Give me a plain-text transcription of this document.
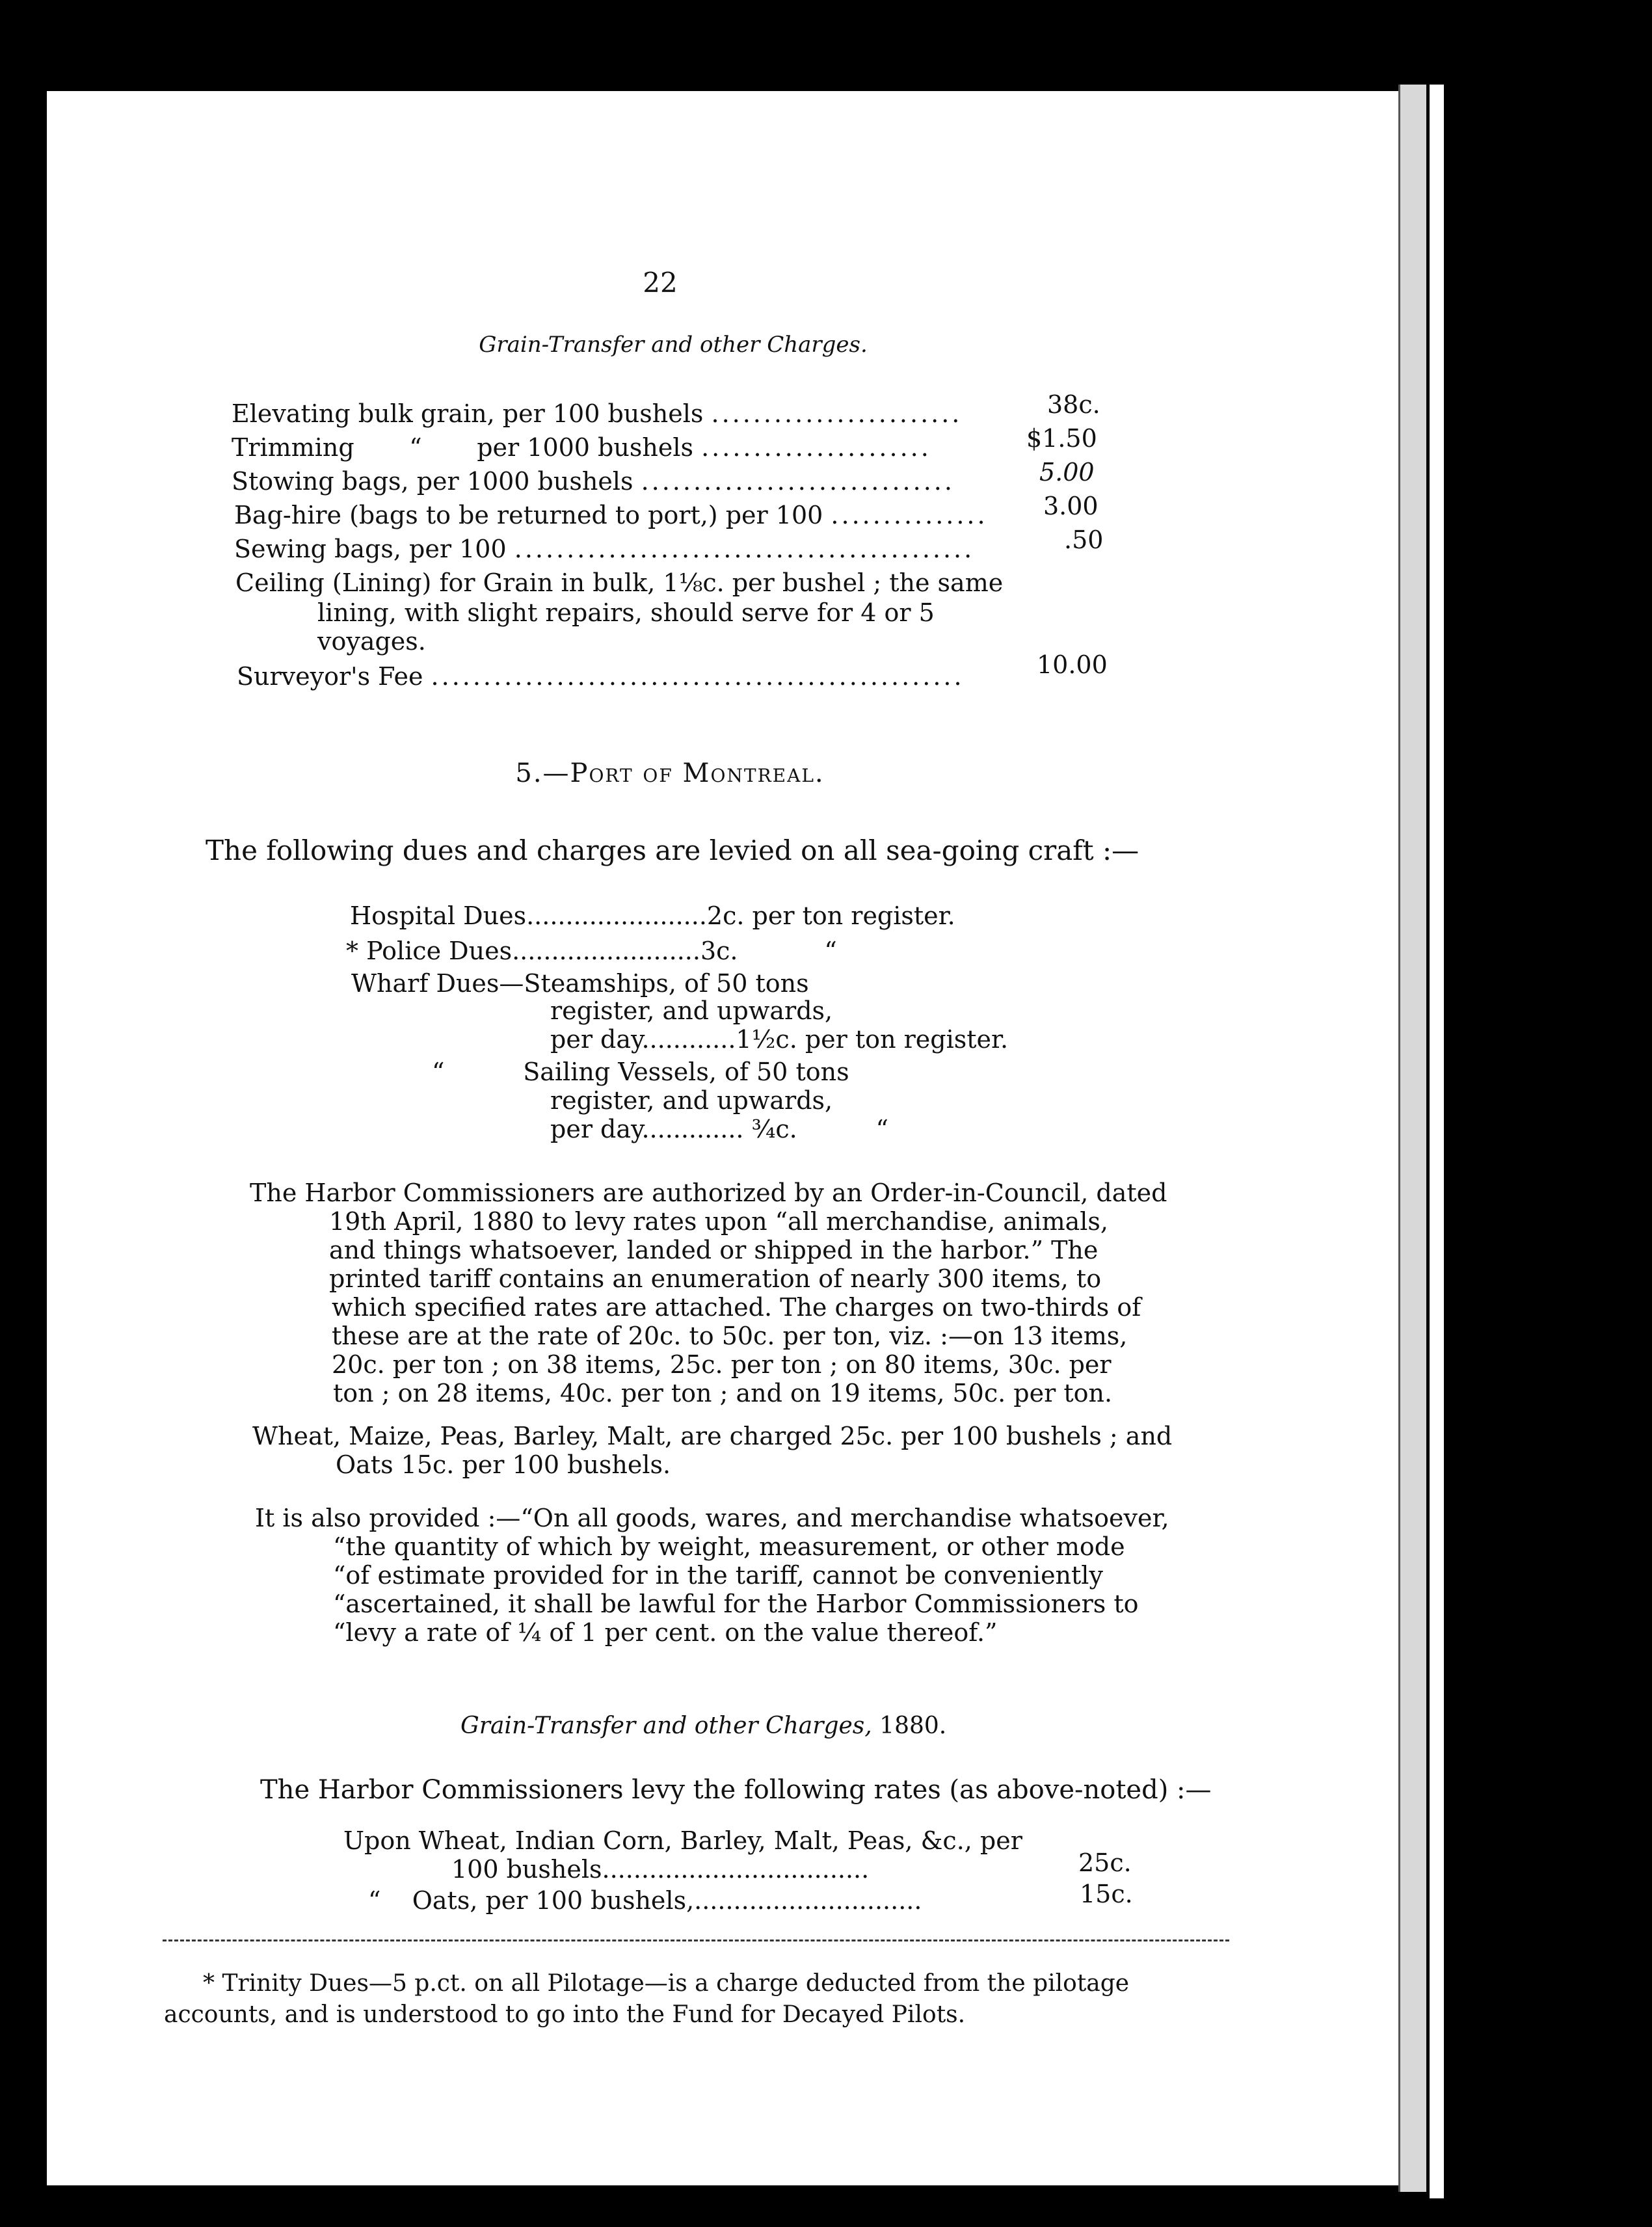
22
Grain-Transfer and other Charges.
Elevating bulk grain, per 100 bushels ........................	38c.
Trimming       “       per 1000 bushels ......................	$1.50
Stowing bags, per 1000 bushels ..............................	5.00
Bag-hire (bags to be returned to port,) per 100 ............... 3.00
Sewing bags, per 100 ............................................	.50
Ceiling (Lining) for Grain in bulk, 1⅛c. per bushel ; the same
lining, with slight repairs, should serve for 4 or 5
voyages.
Surveyor's Fee ...................................................	10.00
5.—Port of Montreal.
The following dues and charges are levied on all sea-going craft :—
Hospital Dues.......................2c. per ton register.
* Police Dues........................3c.           “
Wharf Dues—Steamships, of 50 tons
register, and upwards,
per day............1½c. per ton register.
“          Sailing Vessels, of 50 tons
register, and upwards,
per day............. ¾c.          “
The Harbor Commissioners are authorized by an Order-in-Council, dated
19th April, 1880 to levy rates upon “all merchandise, animals,
and things whatsoever, landed or shipped in the harbor.” The
printed tariff contains an enumeration of nearly 300 items, to
which specified rates are attached. The charges on two-thirds of
these are at the rate of 20c. to 50c. per ton, viz. :—on 13 items,
20c. per ton ; on 38 items, 25c. per ton ; on 80 items, 30c. per
ton ; on 28 items, 40c. per ton ; and on 19 items, 50c. per ton.
Wheat, Maize, Peas, Barley, Malt, are charged 25c. per 100 bushels ; and
Oats 15c. per 100 bushels.
It is also provided :—“On all goods, wares, and merchandise whatsoever,
“the quantity of which by weight, measurement, or other mode
“of estimate provided for in the tariff, cannot be conveniently
“ascertained, it shall be lawful for the Harbor Commissioners to
“levy a rate of ¼ of 1 per cent. on the value thereof.”
Grain-Transfer and other Charges, 1880.
The Harbor Commissioners levy the following rates (as above-noted) :—
Upon Wheat, Indian Corn, Barley, Malt, Peas, &c., per
100 bushels..................................	25c.
“    Oats, per 100 bushels,.............................	15c.
* Trinity Dues—5 p.ct. on all Pilotage—is a charge deducted from the pilotage
accounts, and is understood to go into the Fund for Decayed Pilots.
